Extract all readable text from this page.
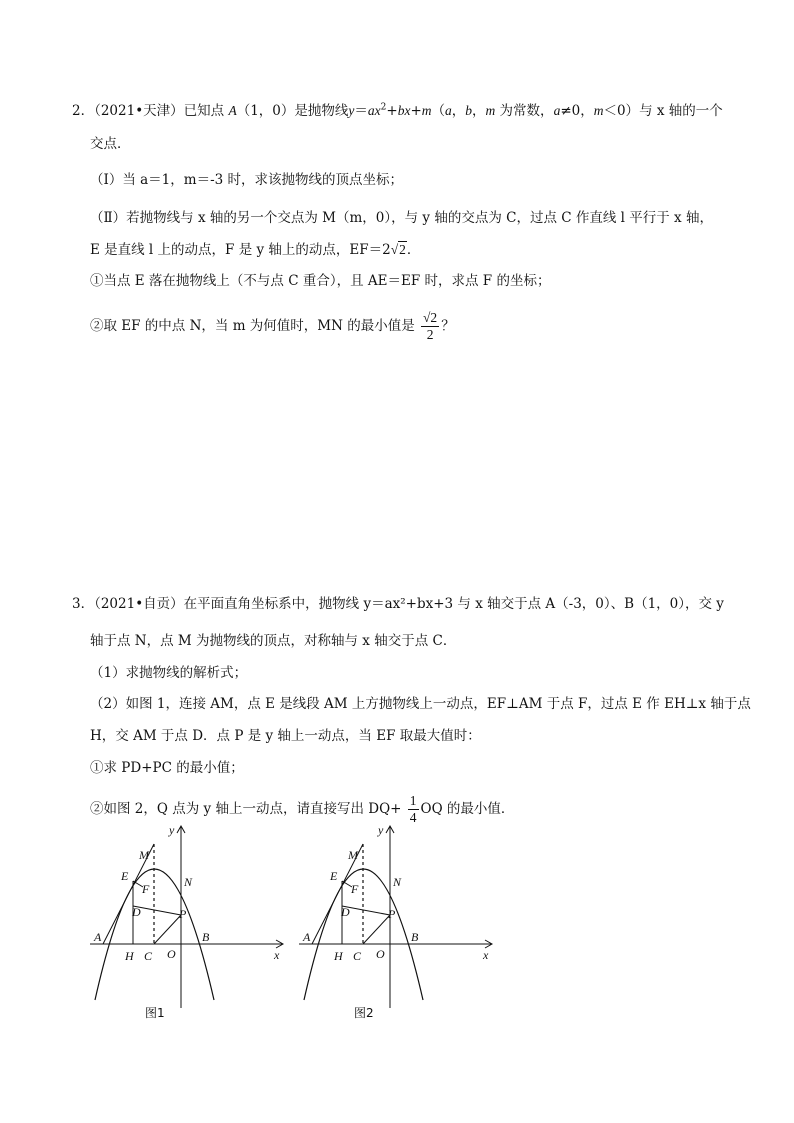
2．（2021•天津）已知点 A（1，0）是抛物线$y=ax^2+bx+m(a$，b，m 为常数，a≠0，m＜0）与 x 轴的一个
交点．
（Ⅰ）当 a＝1，m＝-3 时，求该抛物线的顶点坐标；
（Ⅱ）若抛物线与 x 轴的另一个交点为 M（m，0），与 y 轴的交点为 C，过点 C 作直线 l 平行于 x 轴，
E 是直线 l 上的动点，F 是 y 轴上的动点，EF＝2√2．
①当点 E 落在抛物线上（不与点 C 重合），且 AE＝EF 时，求点 F 的坐标；
②取 EF 的中点 N，当 m 为何值时，MN 的最小值是 $\frac{√2}{2}$ ？
3．（2021•自贡）在平面直角坐标系中，抛物线 y＝ax²+bx+3 与 x 轴交于点 A（-3，0）、B（1，0），交 y
轴于点 N，点 M 为抛物线的顶点，对称轴与 x 轴交于点 C．
（1）求抛物线的解析式；
（2）如图 1，连接 AM，点 E 是线段 AM 上方抛物线上一动点，EF⊥AM 于点 F，过点 E 作 EH⊥x 轴于点
H，交 AM 于点 D．点 P 是 y 轴上一动点，当 EF 取最大值时：
①求 PD+PC 的最小值；
②如图 2，Q 点为 y 轴上一动点，请直接写出 $DQ+ \frac{1}{4}$ OQ 的最小值．
y
M
N
E
F
D	P
A	B
H C O	x
图1
y
M
N
E
F
D	P
A	B
H C O	x
图2
